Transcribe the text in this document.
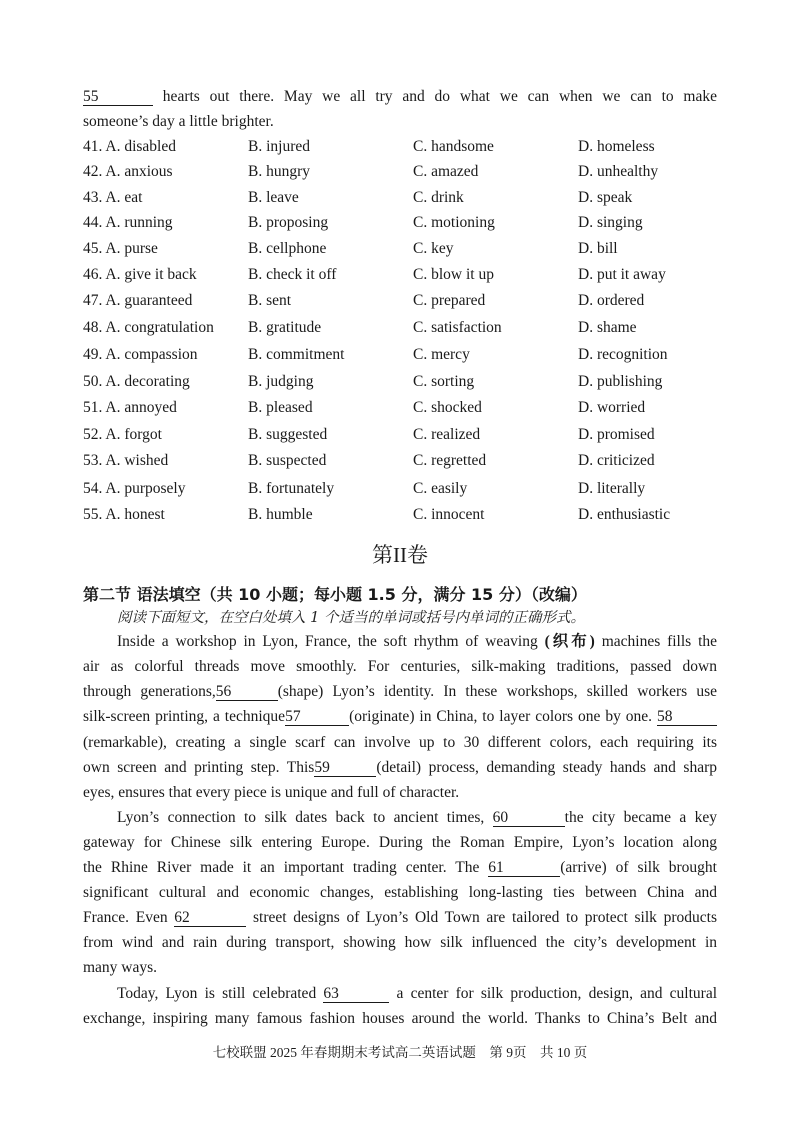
55	hearts out there. May we all try and do what we can when we can to make
someone’s day a little brighter.
41. A. disabled	B. injured	C. handsome	D. homeless
42. A. anxious	B. hungry	C. amazed	D. unhealthy
43. A. eat	B. leave	C. drink	D. speak
44. A. running	B. proposing	C. motioning	D. singing
45. A. purse	B. cellphone	C. key	D. bill
46. A. give it back	B. check it off	C. blow it up	D. put it away
47. A. guaranteed	B. sent	C. prepared	D. ordered
48. A. congratulation B. gratitude	C. satisfaction	D. shame
49. A. compassion	B. commitment	C. mercy	D. recognition
50. A. decorating	B. judging	C. sorting	D. publishing
51. A. annoyed	B. pleased	C. shocked	D. worried
52. A. forgot	B. suggested	C. realized	D. promised
53. A. wished	B. suspected	C. regretted	D. criticized
54. A. purposely	B. fortunately	C. easily	D. literally
55. A. honest	B. humble	C. innocent	D. enthusiastic
第II卷
第二节 语法填空（共 10 小题；每小题 1.5 分，满分 15 分）（改编）
阅读下面短文，在空白处填入 1 个适当的单词或括号内单词的正确形式。
Inside a workshop in Lyon, France, the soft rhythm of weaving (织布) machines fills the
air as colorful threads move smoothly. For centuries, silk-making traditions, passed down
through generations,56	(shape) Lyon’s identity. In these workshops, skilled workers use
silk-screen printing, a technique57	(originate) in China, to layer colors one by one. 58
(remarkable), creating a single scarf can involve up to 30 different colors, each requiring its
own screen and printing step. This59	(detail) process, demanding steady hands and sharp
eyes, ensures that every piece is unique and full of character.
Lyon’s connection to silk dates back to ancient times, 60	the city became a key
gateway for Chinese silk entering Europe. During the Roman Empire, Lyon’s location along
the Rhine River made it an important trading center. The 61	(arrive) of silk brought
significant cultural and economic changes, establishing long-lasting ties between China and
France. Even 62	street designs of Lyon’s Old Town are tailored to protect silk products
from wind and rain during transport, showing how silk influenced the city’s development in
many ways.
Today, Lyon is still celebrated 63	a center for silk production, design, and cultural
exchange, inspiring many famous fashion houses around the world. Thanks to China’s Belt and
七校联盟 2025 年春期期末考试高二英语试题　第 9页　共 10 页
